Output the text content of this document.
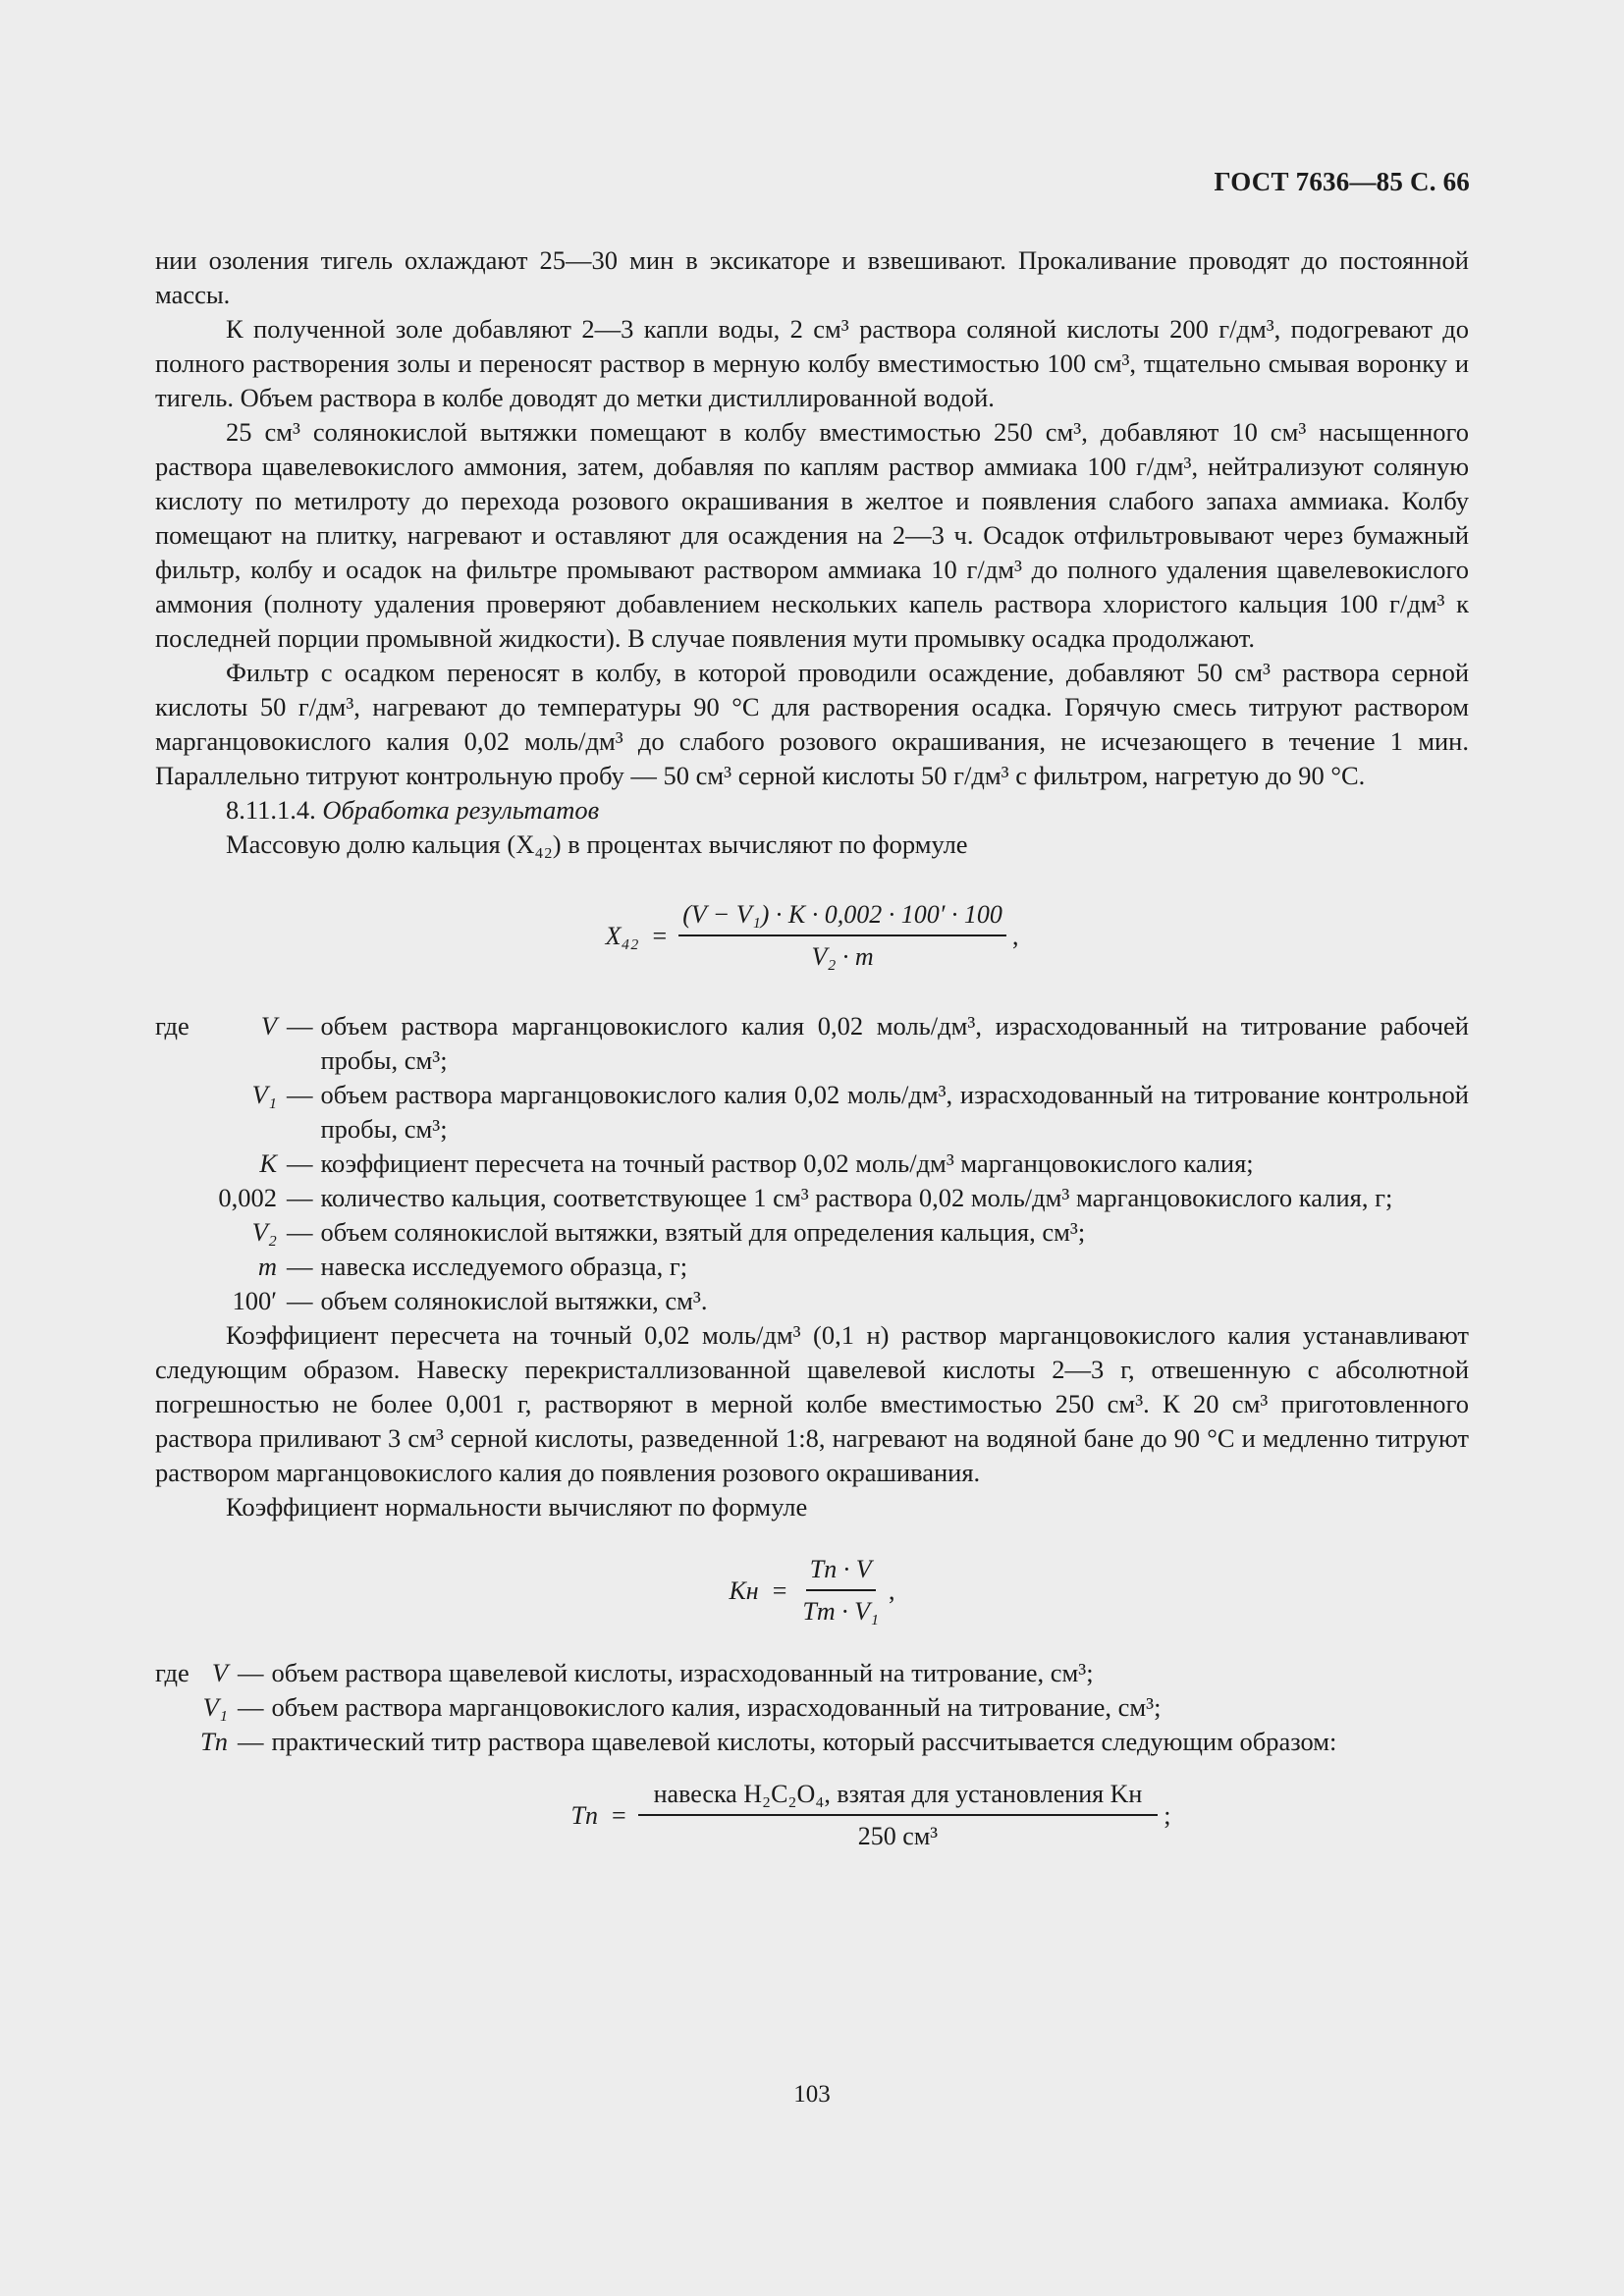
ГОСТ 7636—85 С. 66

нии озоления тигель охлаждают 25—30 мин в эксикаторе и взвешивают. Прокаливание проводят до постоянной массы.

К полученной золе добавляют 2—3 капли воды, 2 см³ раствора соляной кислоты 200 г/дм³, подогревают до полного растворения золы и переносят раствор в мерную колбу вместимостью 100 см³, тщательно смывая воронку и тигель. Объем раствора в колбе доводят до метки дистиллированной водой.

25 см³ солянокислой вытяжки помещают в колбу вместимостью 250 см³, добавляют 10 см³ насыщенного раствора щавелевокислого аммония, затем, добавляя по каплям раствор аммиака 100 г/дм³, нейтрализуют соляную кислоту по метилроту до перехода розового окрашивания в желтое и появления слабого запаха аммиака. Колбу помещают на плитку, нагревают и оставляют для осаждения на 2—3 ч. Осадок отфильтровывают через бумажный фильтр, колбу и осадок на фильтре промывают раствором аммиака 10 г/дм³ до полного удаления щавелевокислого аммония (полноту удаления проверяют добавлением нескольких капель раствора хлористого кальция 100 г/дм³ к последней порции промывной жидкости). В случае появления мути промывку осадка продолжают.

Фильтр с осадком переносят в колбу, в которой проводили осаждение, добавляют 50 см³ раствора серной кислоты 50 г/дм³, нагревают до температуры 90 °С для растворения осадка. Горячую смесь титруют раствором марганцовокислого калия 0,02 моль/дм³ до слабого розового окрашивания, не исчезающего в течение 1 мин. Параллельно титруют контрольную пробу — 50 см³ серной кислоты 50 г/дм³ с фильтром, нагретую до 90 °С.

8.11.1.4. Обработка результатов

Массовую долю кальция (X₄₂) в процентах вычисляют по формуле

$X_{42} = \frac{\text{(V − V₁) · K · 0,002 · 100′ · 100}}{\text{V₂ · m}}$ ,
где	V — объем раствора марганцовокислого калия 0,02 моль/дм³, израсходованный на титрование рабочей пробы, см³;
V₁ — объем раствора марганцовокислого калия 0,02 моль/дм³, израсходованный на титрование контрольной пробы, см³;
K — коэффициент пересчета на точный раствор 0,02 моль/дм³ марганцовокислого калия;
0,002 — количество кальция, соответствующее 1 см³ раствора 0,02 моль/дм³ марганцовокислого калия, г;
V₂ — объем солянокислой вытяжки, взятый для определения кальция, см³;
m — навеска исследуемого образца, г;
100′ — объем солянокислой вытяжки, см³.

Коэффициент пересчета на точный 0,02 моль/дм³ (0,1 н) раствор марганцовокислого калия устанавливают следующим образом. Навеску перекристаллизованной щавелевой кислоты 2—3 г, отвешенную с абсолютной погрешностью не более 0,001 г, растворяют в мерной колбе вместимостью 250 см³. К 20 см³ приготовленного раствора приливают 3 см³ серной кислоты, разведенной 1:8, нагревают на водяной бане до 90 °С и медленно титруют раствором марганцовокислого калия до появления розового окрашивания.

Коэффициент нормальности вычисляют по формуле

Kн = $\frac{Tп \cdot V}{\text{Tт · V₁}}$ ,
где V — объем раствора щавелевой кислоты, израсходованный на титрование, см³;
V₁ — объем раствора марганцовокислого калия, израсходованный на титрование, см³;
Tп — практический титр раствора щавелевой кислоты, который рассчитывается следующим образом:
Tп = $\frac{\text{навеска H₂C₂O₄, взятая для установления Kн}}{\text{250 см³}}$ ;
103
